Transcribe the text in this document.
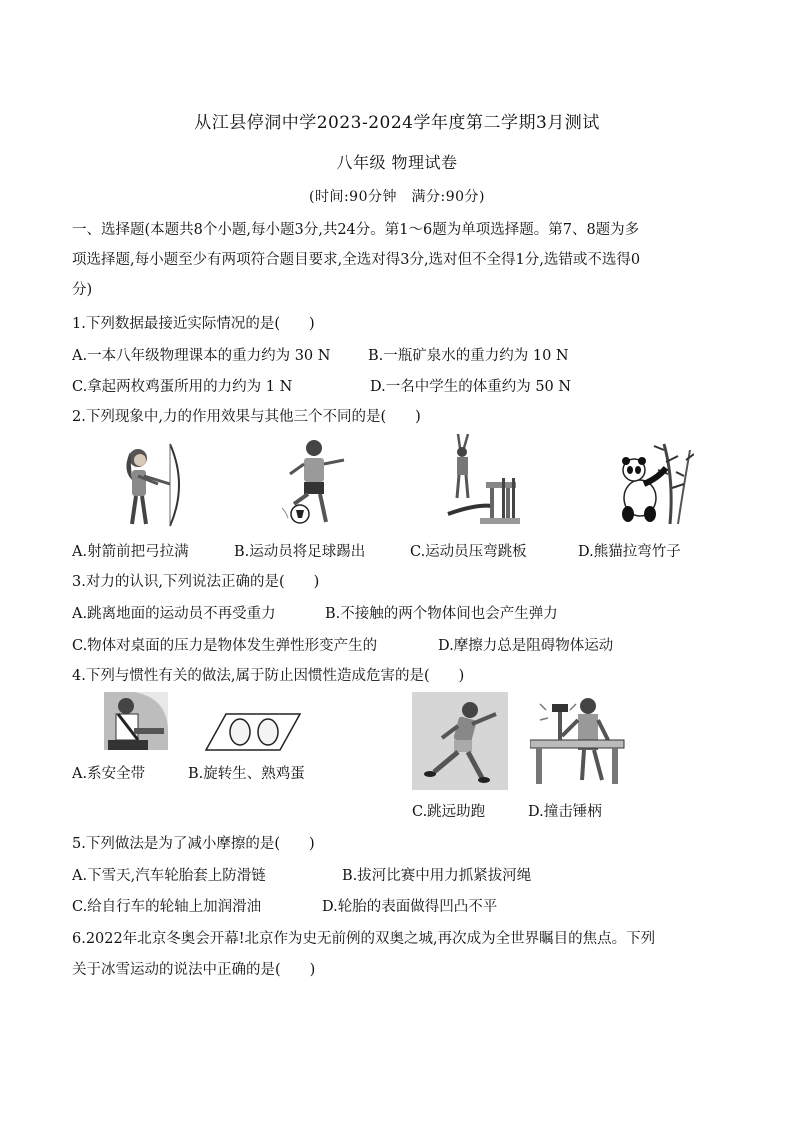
从江县停洞中学2023-2024学年度第二学期3月测试
八年级 物理试卷
(时间:90分钟　满分:90分)
一、选择题(本题共8个小题,每小题3分,共24分。第1～6题为单项选择题。第7、8题为多
项选择题,每小题至少有两项符合题目要求,全选对得3分,选对但不全得1分,选错或不选得0
分)
1.下列数据最接近实际情况的是(　　)
A.一本八年级物理课本的重力约为 30 N	B.一瓶矿泉水的重力约为 10 N
C.拿起两枚鸡蛋所用的力约为 1 N	D.一名中学生的体重约为 50 N
2.下列现象中,力的作用效果与其他三个不同的是(　　)
A.射箭前把弓拉满	B.运动员将足球踢出	C.运动员压弯跳板	D.熊猫拉弯竹子
3.对力的认识,下列说法正确的是(　　)
A.跳离地面的运动员不再受重力	B.不接触的两个物体间也会产生弹力
C.物体对桌面的压力是物体发生弹性形变产生的	D.摩擦力总是阻碍物体运动
4.下列与惯性有关的做法,属于防止因惯性造成危害的是(　　)
A.系安全带	B.旋转生、熟鸡蛋
C.跳远助跑	D.撞击锤柄
5.下列做法是为了减小摩擦的是(　　)
A.下雪天,汽车轮胎套上防滑链	B.拔河比赛中用力抓紧拔河绳
C.给自行车的轮轴上加润滑油	D.轮胎的表面做得凹凸不平
6.2022年北京冬奥会开幕!北京作为史无前例的双奥之城,再次成为全世界瞩目的焦点。下列
关于冰雪运动的说法中正确的是(　　)
